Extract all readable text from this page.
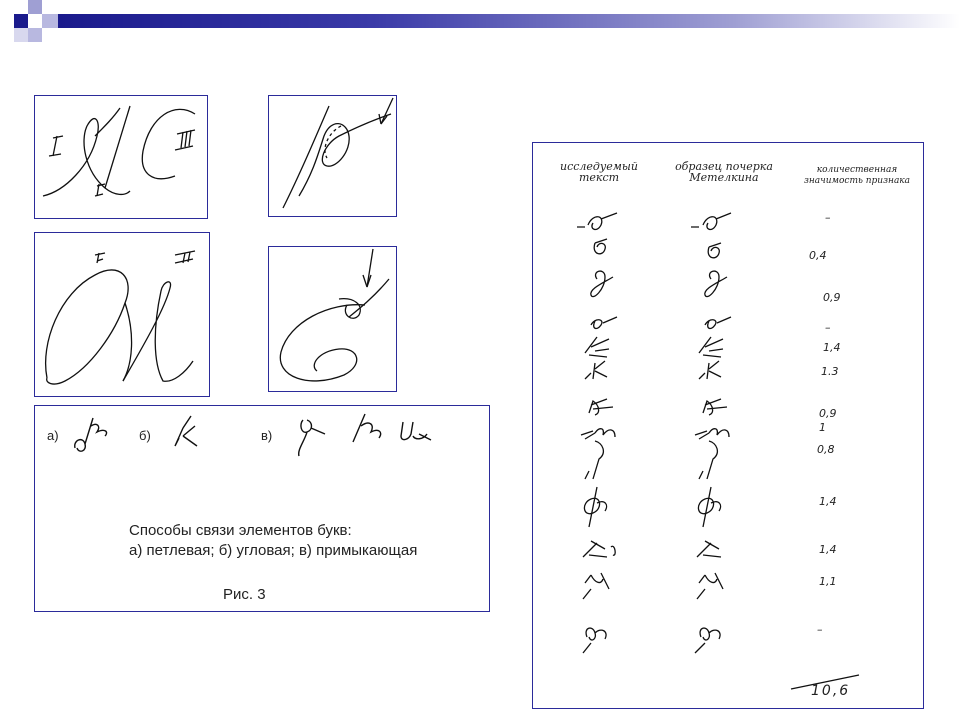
а)	б)	в)
Способы связи элементов букв:
а) петлевая; б) угловая; в) примыкающая
Рис. 3
исследуемый
текст
образец почерка
Метелкина
количественная
значимость признака
–
0,4
0,9
–
1,4
1.3
0,9
1
0,8
1,4
1,4
1,1
–
10,6
